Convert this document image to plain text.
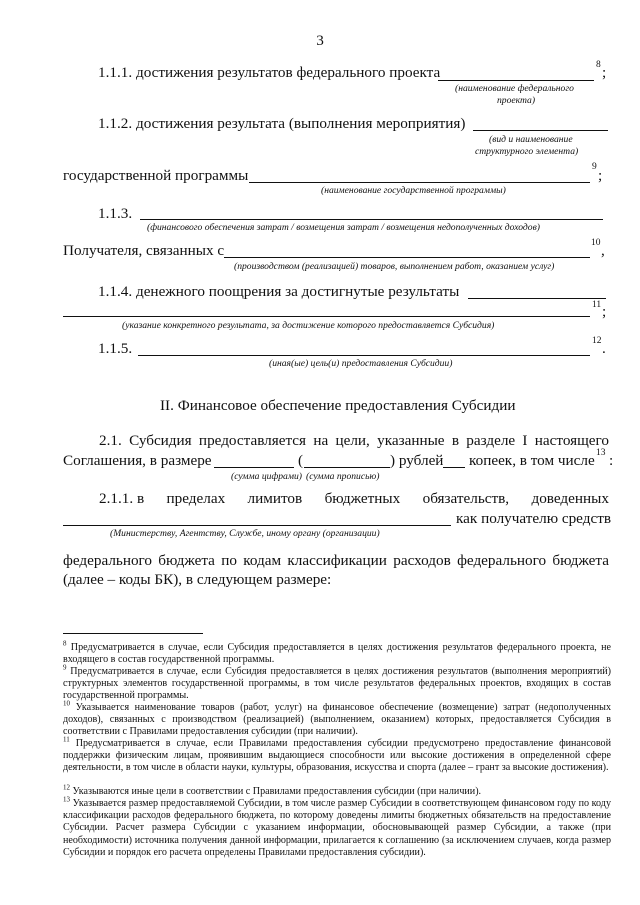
3
1.1.1. достижения результатов федерального проекта	8 ;
(наименование федерального
проекта)
1.1.2. достижения результата (выполнения мероприятия)
(вид и наименование
структурного элемента)
государственной программы	9 ;
(наименование государственной программы)
1.1.3.
(финансового обеспечения затрат / возмещения затрат / возмещения недополученных доходов)
Получателя, связанных с	10 ,
(производством (реализацией) товаров, выполнением работ, оказанием услуг)
1.1.4. денежного поощрения за достигнутые результаты
11 ;
(указание конкретного результата, за достижение которого предоставляется Субсидия)
1.1.5.	12 .
(иная(ые) цель(и) предоставления Субсидии)
II. Финансовое обеспечение предоставления Субсидии
2.1. Субсидия предоставляется на цели, указанные в разделе I настоящего
Соглашения, в размере	(	) рублей копеек, в том числе 13 :
(сумма цифрами) (сумма прописью)
2.1.1. в пределах лимитов бюджетных обязательств, доведенных
как получателю средств
(Министерству, Агентству, Службе, иному органу (организации)
федерального бюджета по кодам классификации расходов федерального бюджета
(далее – коды БК), в следующем размере:
$^8$ Предусматривается в случае, если Субсидия предоставляется в целях достижения результатов федерального проекта, не входящего в состав государственной программы.
$^9$ Предусматривается в случае, если Субсидия предоставляется в целях достижения результатов (выполнения мероприятий) структурных элементов государственной программы, в том числе результатов федеральных проектов, входящих в состав государственной программы.
$^{10}$ Указывается наименование товаров (работ, услуг) на финансовое обеспечение (возмещение) затрат (недополученных доходов), связанных с производством (реализацией) (выполнением, оказанием) которых, предоставляется Субсидия в соответствии с Правилами предоставления субсидии (при наличии).
$^{11}$ Предусматривается в случае, если Правилами предоставления субсидии предусмотрено предоставление финансовой поддержки физическим лицам, проявившим выдающиеся способности или высокие достижения в определенной сфере деятельности, в том числе в области науки, культуры, образования, искусства и спорта (далее – грант за высокие достижения).
$^{12}$ Указываются иные цели в соответствии с Правилами предоставления субсидии (при наличии).
$^{13}$ Указывается размер предоставляемой Субсидии, в том числе размер Субсидии в соответствующем финансовом году по коду классификации расходов федерального бюджета, по которому доведены лимиты бюджетных обязательств на предоставление Субсидии. Расчет размера Субсидии с указанием информации, обосновывающей размер Субсидии, а также (при необходимости) источника получения данной информации, прилагается к соглашению (за исключением случаев, когда размер Субсидии и порядок его расчета определены Правилами предоставления субсидии).
